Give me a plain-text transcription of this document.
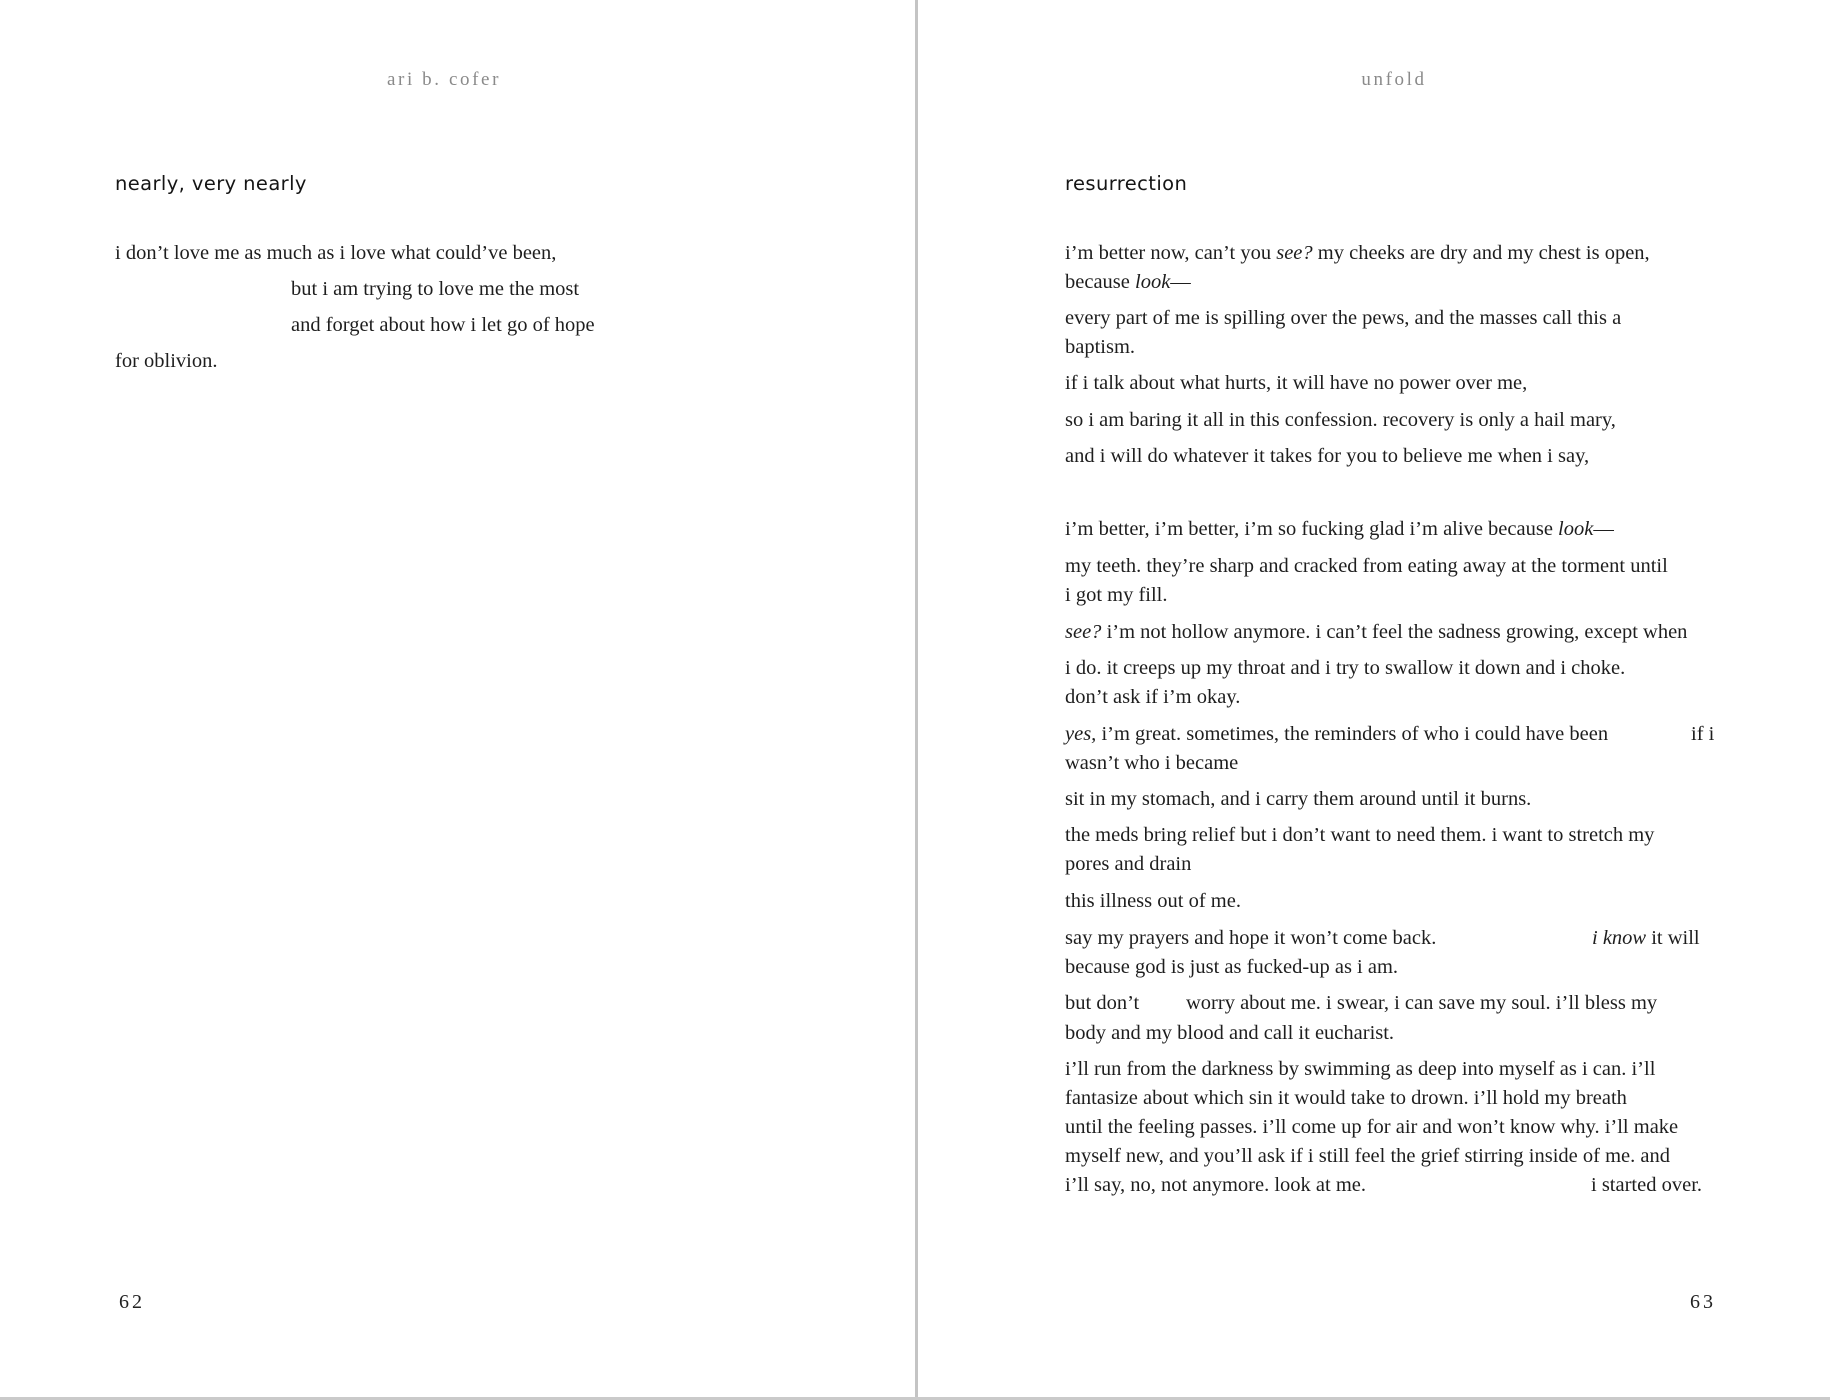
ari b. cofer
nearly, very nearly
i don’t love me as much as i love what could’ve been,
but i am trying to love me the most
and forget about how i let go of hope
for oblivion.
62
unfold
resurrection
i’m better now, can’t you see? my cheeks are dry and my chest is open,
because look—
every part of me is spilling over the pews, and the masses call this a
baptism.
if i talk about what hurts, it will have no power over me,
so i am baring it all in this confession. recovery is only a hail mary,
and i will do whatever it takes for you to believe me when i say,
i’m better, i’m better, i’m so fucking glad i’m alive because look—
my teeth. they’re sharp and cracked from eating away at the torment until
i got my fill.
see? i’m not hollow anymore. i can’t feel the sadness growing, except when
i do. it creeps up my throat and i try to swallow it down and i choke.
don’t ask if i’m okay.
yes, i’m great. sometimes, the reminders of who i could have been	if i
wasn’t who i became
sit in my stomach, and i carry them around until it burns.
the meds bring relief but i don’t want to need them. i want to stretch my
pores and drain
this illness out of me.
say my prayers and hope it won’t come back.	i know it will
because god is just as fucked-up as i am.
but don’t worry about me. i swear, i can save my soul. i’ll bless my
body and my blood and call it eucharist.
i’ll run from the darkness by swimming as deep into myself as i can. i’ll
fantasize about which sin it would take to drown. i’ll hold my breath
until the feeling passes. i’ll come up for air and won’t know why. i’ll make
myself new, and you’ll ask if i still feel the grief stirring inside of me. and
i’ll say, no, not anymore. look at me.	i started over.
63
